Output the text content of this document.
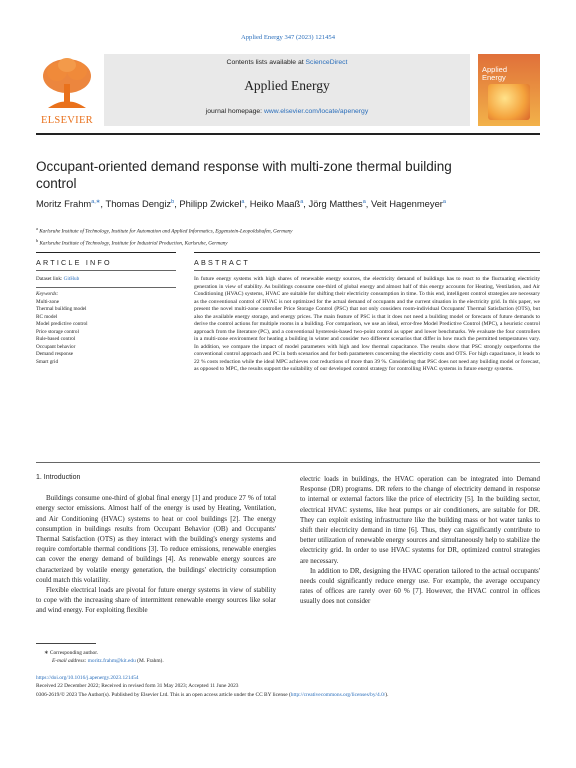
Applied Energy 347 (2023) 121454
ELSEVIER
Contents lists available at ScienceDirect
Applied Energy
journal homepage: www.elsevier.com/locate/apenergy
Applied
Energy
Occupant-oriented demand response with multi-zone thermal building control
Moritz Frahm$^{a,∗}$, Thomas Dengiz$^b$, Philipp Zwickel$^a$, Heiko Maaß$^a$, Jörg Matthes$^a$, Veit Hagenmeyer$^a$
$^a$ Karlsruhe Institute of Technology, Institute for Automation and Applied Informatics, Eggenstein-Leopoldshafen, Germany
$^b$ Karlsruhe Institute of Technology, Institute for Industrial Production, Karlsruhe, Germany
ARTICLE INFO	ABSTRACT
Dataset link: GitHub
Keywords:
Multi-zone
Thermal building model
RC model
Model predictive control
Price storage control
Rule-based control
Occupant behavior
Demand response
Smart grid
In future energy systems with high shares of renewable energy sources, the electricity demand of buildings has to react to the fluctuating electricity generation in view of stability. As buildings consume one-third of global energy and almost half of this energy accounts for Heating, Ventilation, and Air Conditioning (HVAC) systems, HVAC are suitable for shifting their electricity consumption in time. To this end, intelligent control strategies are necessary as the conventional control of HVAC is not optimized for the actual demand of occupants and the current situation in the electricity grid. In this paper, we present the novel multi-zone controller Price Storage Control (PSC) that not only considers room-individual Occupants' Thermal Satisfaction (OTS), but also the available energy storage, and energy prices. The main feature of PSC is that it does not need a building model or forecasts of future demands to derive the control actions for multiple rooms in a building. For comparison, we use an ideal, error-free Model Predictive Control (MPC), a heuristic control approach from the literature (PC), and a conventional hysteresis-based two-point control as upper and lower benchmarks. We evaluate the four controllers in a multi-zone environment for heating a building in winter and consider two different scenarios that differ in how much the permitted temperatures vary. In addition, we compare the impact of model parameters with high and low thermal capacitance. The results show that PSC strongly outperforms the conventional control approach and PC in both scenarios and for both parameters concerning the electricity costs and OTS. For high capacitance, it leads to 22 % costs reduction while the ideal MPC achieves cost reductions of more than 39 %. Considering that PSC does not need any building model or forecast, as opposed to MPC, the results support the suitability of our developed control strategy for controlling HVAC systems in future energy systems.
1. Introduction

Buildings consume one-third of global final energy [1] and produce 27 % of total energy sector emissions. Almost half of the energy is used by Heating, Ventilation, and Air Conditioning (HVAC) systems to heat or cool buildings [2]. The energy consumption in buildings results from Occupant Behavior (OB) and Occupants' Thermal Satisfaction (OTS) as they interact with the building's energy systems and require comfortable thermal conditions [3]. To reduce emissions, renewable energies can cover the energy demand of buildings [4]. As renewable energy sources are characterized by volatile energy generation, the buildings' electricity consumption could match this volatility.

Flexible electrical loads are pivotal for future energy systems in view of stability to cope with the increasing share of intermittent renewable energy sources like solar and wind energy. For exploiting flexible

electric loads in buildings, the HVAC operation can be integrated into Demand Response (DR) programs. DR refers to the change of electricity demand in response to internal or external factors like the price of electricity [5]. In the building sector, electrical HVAC systems, like heat pumps or air conditioners, are suitable for DR. They can exploit existing infrastructure like the building mass or hot water tanks to shift their electricity demand in time [6]. Thus, they can significantly contribute to better utilization of renewable energy sources and simultaneously help to stabilize the electricity grid. In order to use HVAC systems for DR, optimized control strategies are necessary.

In addition to DR, designing the HVAC operation tailored to the actual occupants' needs could significantly reduce energy use. For example, the average occupancy rates of offices are rarely over 60 % [7]. However, the HVAC control in offices usually does not consider

∗ Corresponding author.
E-mail address: moritz.frahm@kit.edu (M. Frahm).
https://doi.org/10.1016/j.apenergy.2023.121454
Received 22 December 2022; Received in revised form 31 May 2023; Accepted 11 June 2023
0306-2619/© 2023 The Author(s). Published by Elsevier Ltd. This is an open access article under the CC BY license (http://creativecommons.org/licenses/by/4.0/).
